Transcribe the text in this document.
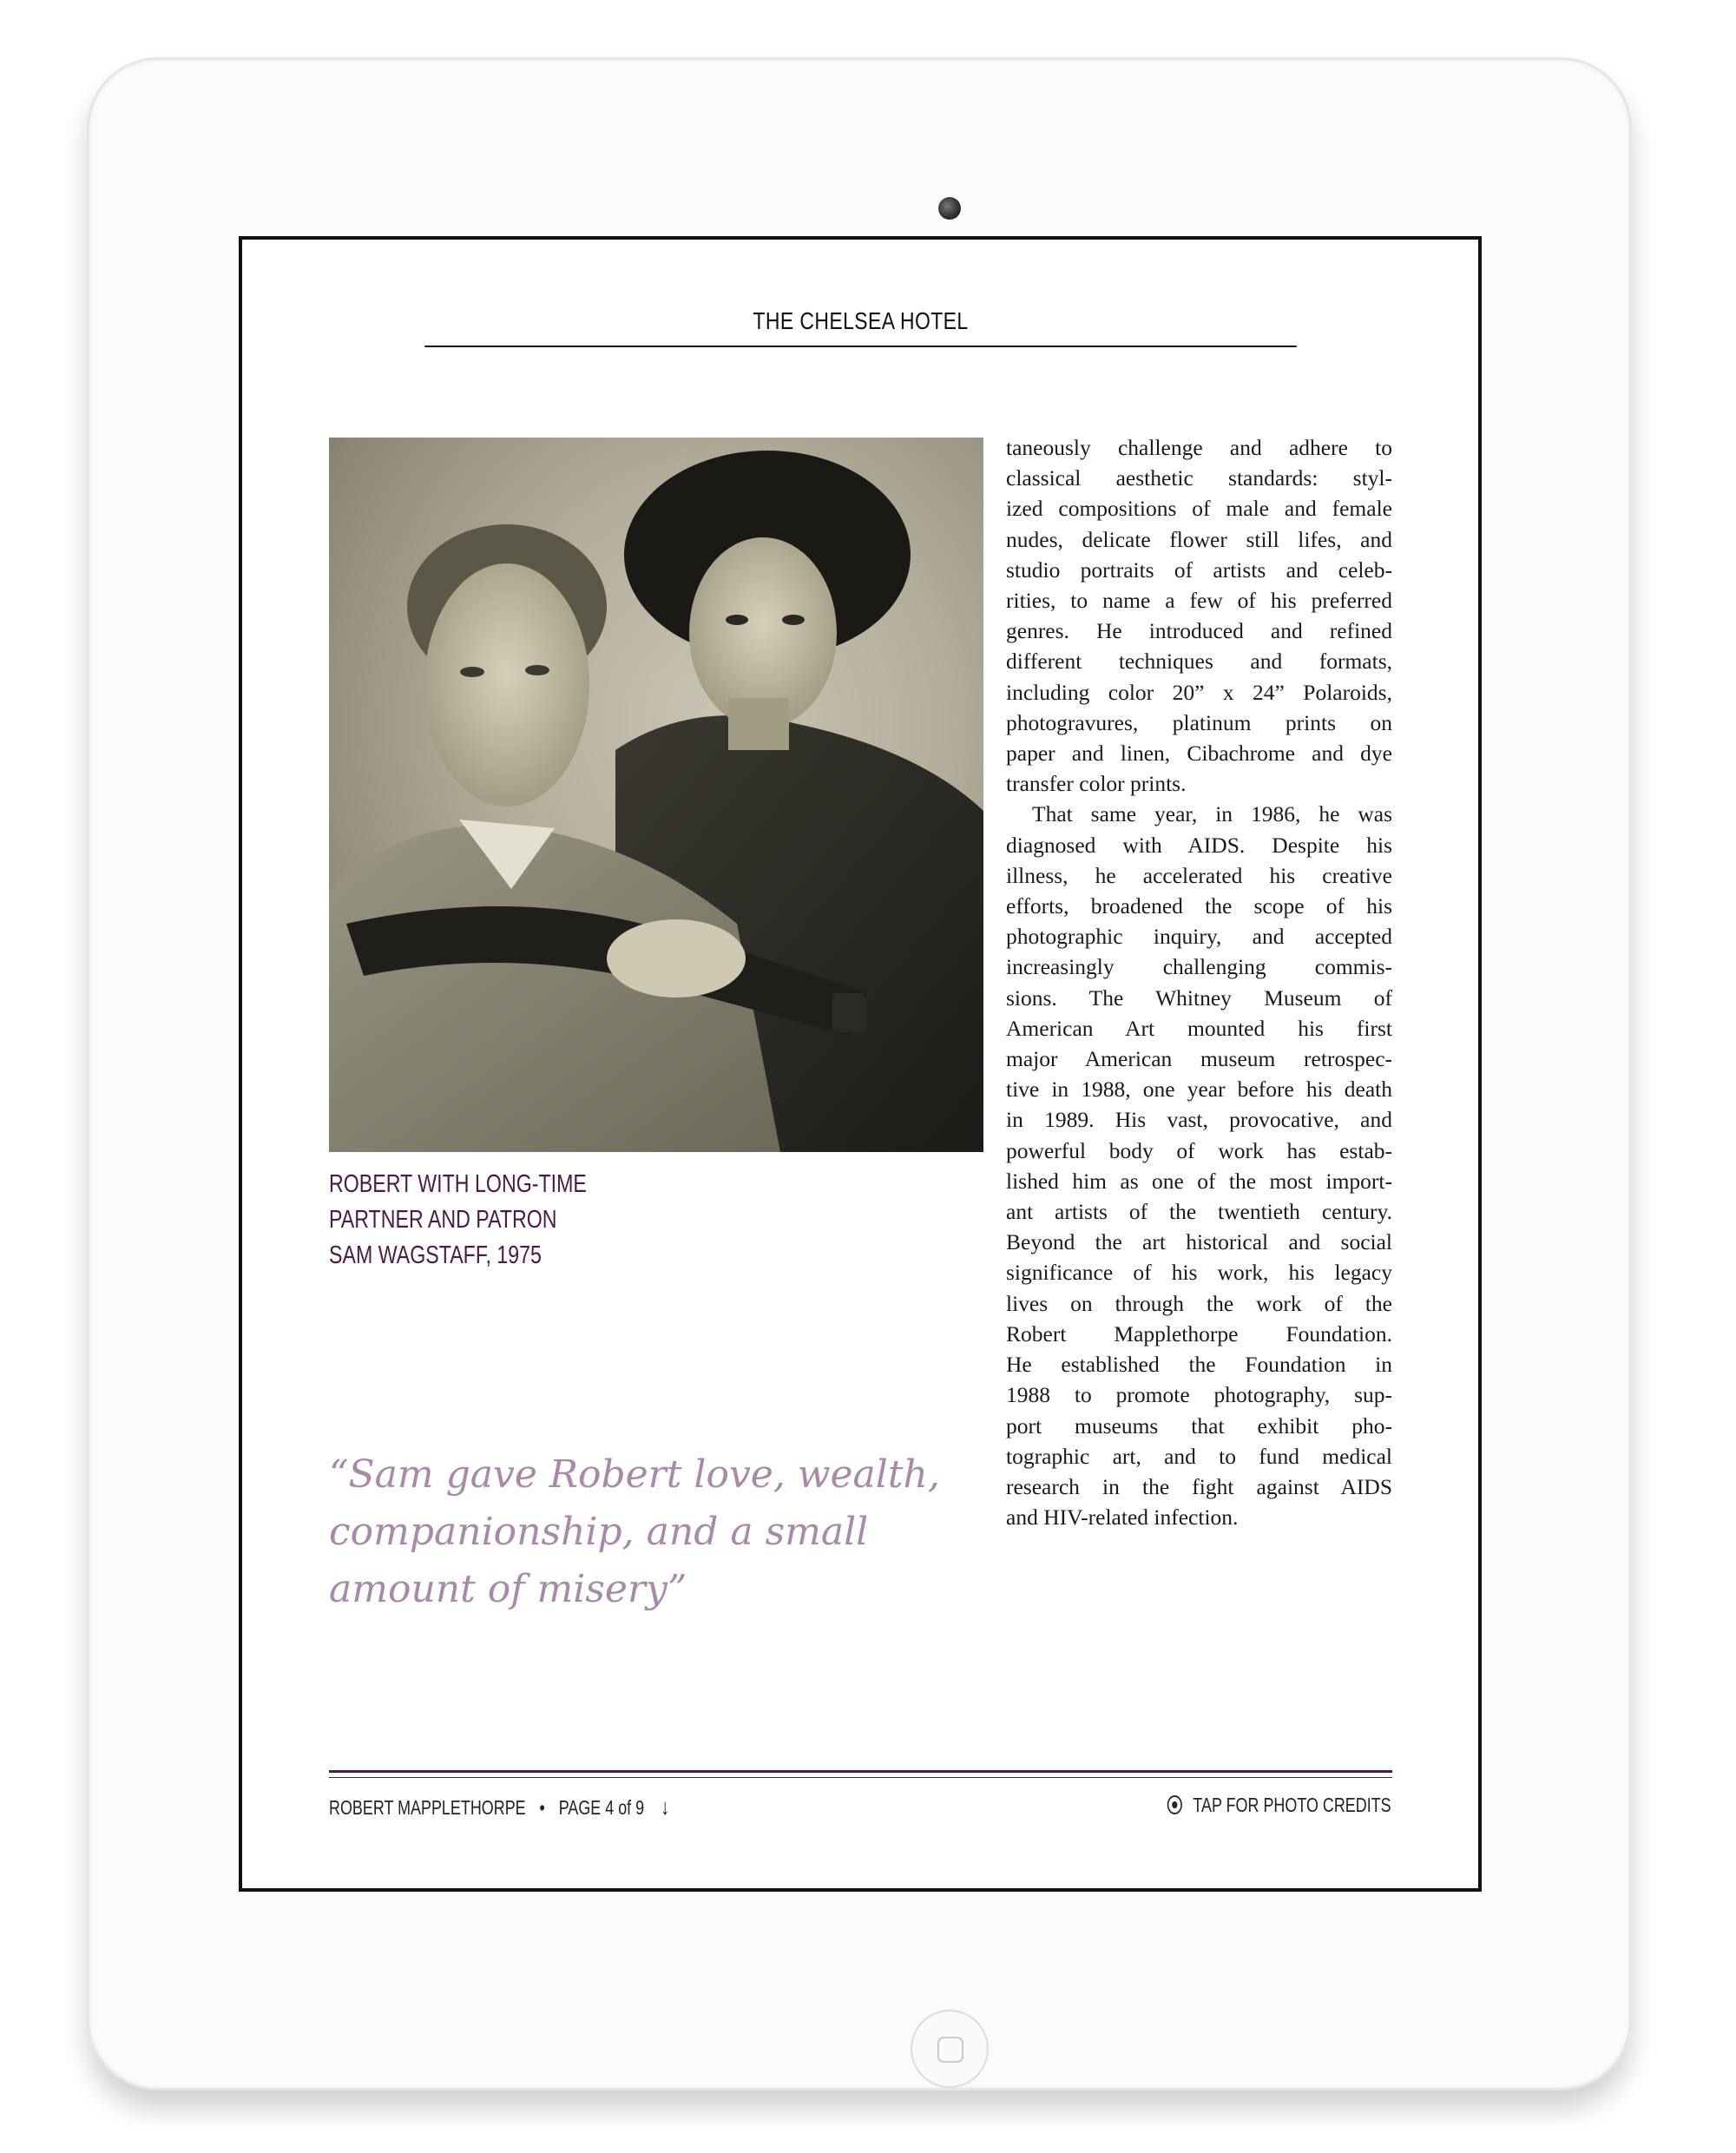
THE CHELSEA HOTEL
ROBERT WITH LONG-TIME
PARTNER AND PATRON
SAM WAGSTAFF, 1975
“Sam gave Robert love, wealth,
companionship, and a small
amount of misery”
taneously challenge and adhere to
classical aesthetic standards: styl-
ized compositions of male and female
nudes, delicate flower still lifes, and
studio portraits of artists and celeb-
rities, to name a few of his preferred
genres. He introduced and refined
different techniques and formats,
including color 20” x 24” Polaroids,
photogravures, platinum prints on
paper and linen, Cibachrome and dye
transfer color prints.
That same year, in 1986, he was
diagnosed with AIDS. Despite his
illness, he accelerated his creative
efforts, broadened the scope of his
photographic inquiry, and accepted
increasingly challenging commis-
sions. The Whitney Museum of
American Art mounted his first
major American museum retrospec-
tive in 1988, one year before his death
in 1989. His vast, provocative, and
powerful body of work has estab-
lished him as one of the most import-
ant artists of the twentieth century.
Beyond the art historical and social
significance of his work, his legacy
lives on through the work of the
Robert Mapplethorpe Foundation.
He established the Foundation in
1988 to promote photography, sup-
port museums that exhibit pho-
tographic art, and to fund medical
research in the fight against AIDS
and HIV-related infection.
ROBERT MAPPLETHORPE • PAGE 4 of 9 ↓	TAP FOR PHOTO CREDITS
